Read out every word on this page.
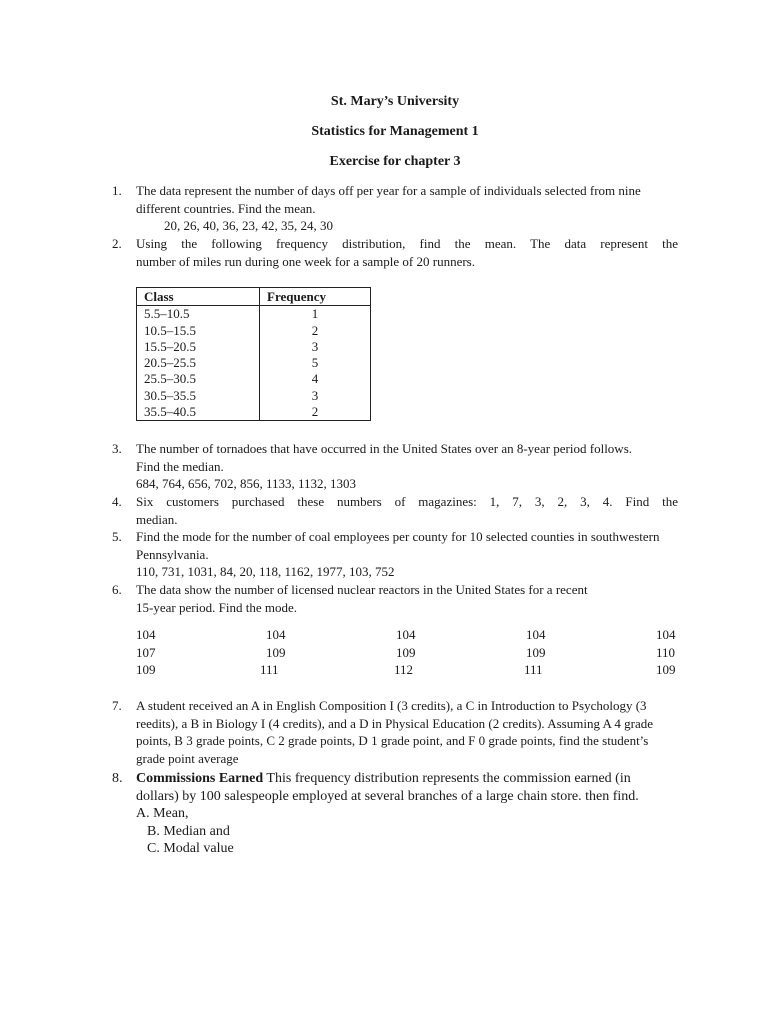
St. Mary’s University
Statistics for Management 1
Exercise for chapter 3
1. The data represent the number of days off per year for a sample of individuals selected from nine
different countries. Find the mean.
20, 26, 40, 36, 23, 42, 35, 24, 30
2. Using the following frequency distribution, find the mean. The data represent the
number of miles run during one week for a sample of 20 runners.
Class	Frequency
5.5–10.5	1
10.5–15.5	2
15.5–20.5	3
20.5–25.5	5
25.5–30.5	4
30.5–35.5	3
35.5–40.5	2
3. The number of tornadoes that have occurred in the United States over an 8-year period follows.
Find the median.
684, 764, 656, 702, 856, 1133, 1132, 1303
4. Six customers purchased these numbers of magazines: 1, 7, 3, 2, 3, 4. Find the
median.
5. Find the mode for the number of coal employees per county for 10 selected counties in southwestern
Pennsylvania.
110, 731, 1031, 84, 20, 118, 1162, 1977, 103, 752
6. The data show the number of licensed nuclear reactors in the United States for a recent
15-year period. Find the mode.
104	104	104	104	104
107	109	109	109	110
109	111	112	111	109
7. A student received an A in English Composition I (3 credits), a C in Introduction to Psychology (3
reedits), a B in Biology I (4 credits), and a D in Physical Education (2 credits). Assuming A 4 grade
points, B 3 grade points, C 2 grade points, D 1 grade point, and F 0 grade points, find the student’s
grade point average
8. Commissions Earned This frequency distribution represents the commission earned (in
dollars) by 100 salespeople employed at several branches of a large chain store. then find.
A. Mean,
B. Median and
C. Modal value
